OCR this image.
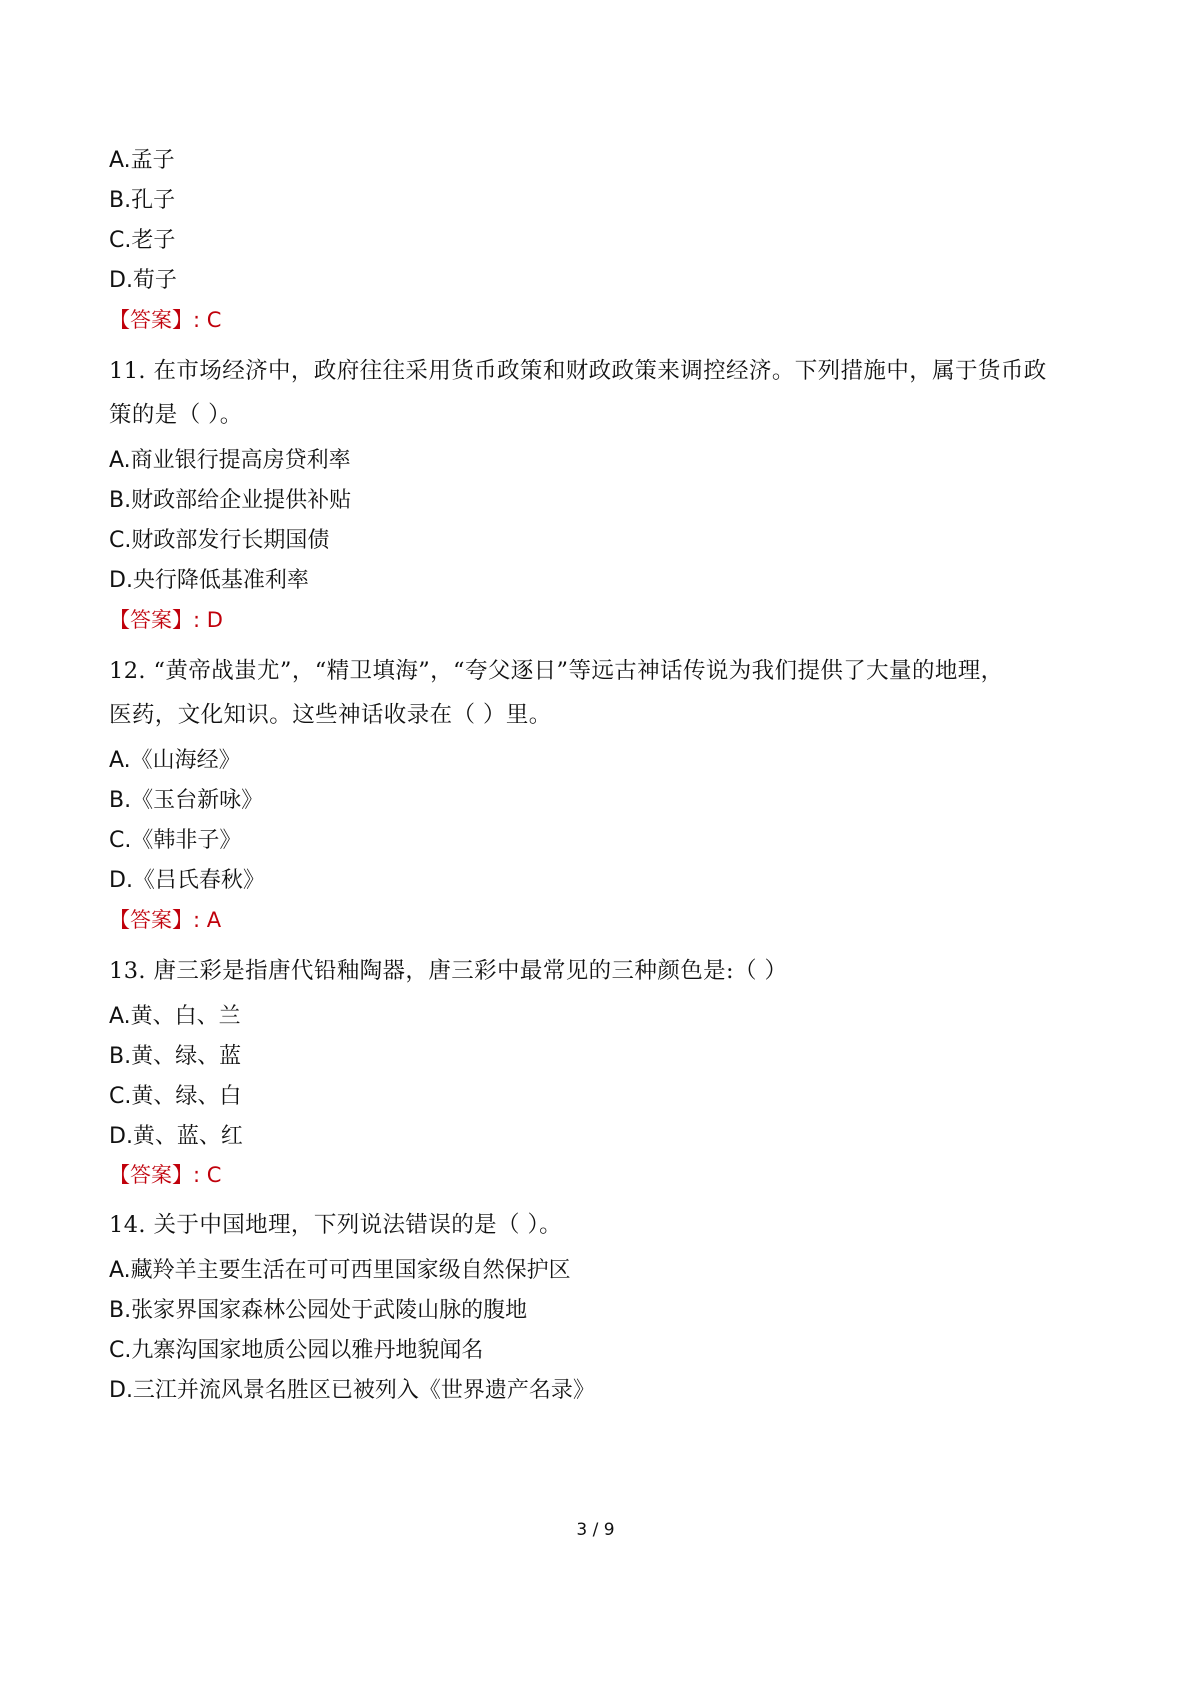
A.孟子
B.孔子
C.老子
D.荀子
【答案】: C
11. 在市场经济中，政府往往采用货币政策和财政政策来调控经济。下列措施中，属于货币政
策的是（ ）。
A.商业银行提高房贷利率
B.财政部给企业提供补贴
C.财政部发行长期国债
D.央行降低基准利率
【答案】: D
12. “黄帝战蚩尤”，“精卫填海”，“夸父逐日”等远古神话传说为我们提供了大量的地理，
医药，文化知识。这些神话收录在（ ）里。
A.《山海经》
B.《玉台新咏》
C.《韩非子》
D.《吕氏春秋》
【答案】: A
13. 唐三彩是指唐代铅釉陶器，唐三彩中最常见的三种颜色是:（ ）
A.黄、白、兰
B.黄、绿、蓝
C.黄、绿、白
D.黄、蓝、红
【答案】: C
14. 关于中国地理，下列说法错误的是（ ）。
A.藏羚羊主要生活在可可西里国家级自然保护区
B.张家界国家森林公园处于武陵山脉的腹地
C.九寨沟国家地质公园以雅丹地貌闻名
D.三江并流风景名胜区已被列入《世界遗产名录》
3 / 9
